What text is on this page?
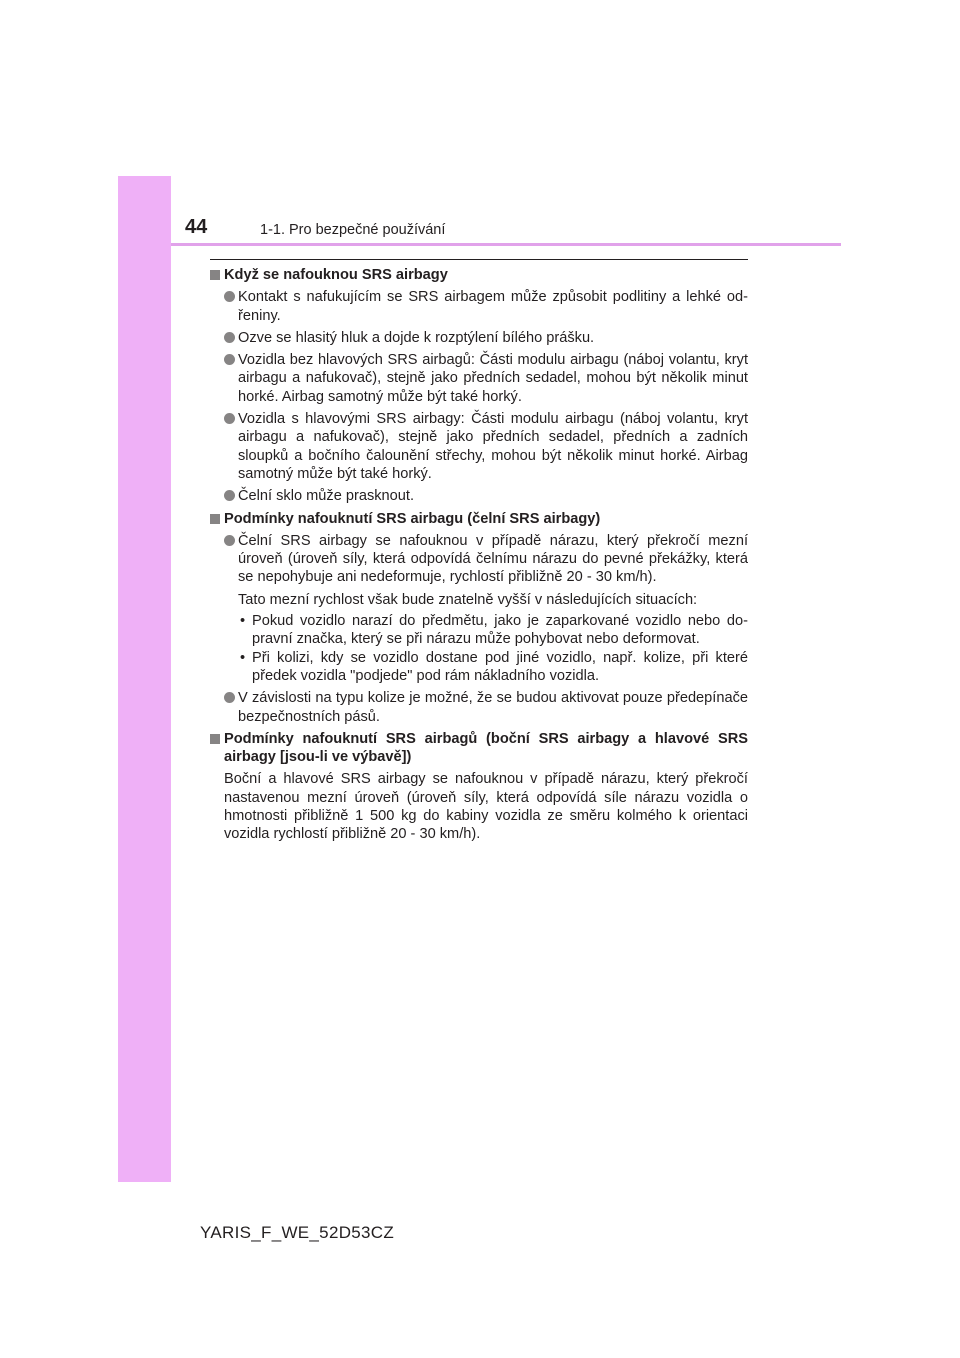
44	1-1. Pro bezpečné používání
Když se nafouknou SRS airbagy
Kontakt s nafukujícím se SRS airbagem může způsobit podlitiny a lehké odřeniny.
Ozve se hlasitý hluk a dojde k rozptýlení bílého prášku.
Vozidla bez hlavových SRS airbagů: Části modulu airbagu (náboj volantu, kryt airbagu a nafukovač), stejně jako předních sedadel, mohou být několik minut horké. Airbag samotný může být také horký.
Vozidla s hlavovými SRS airbagy: Části modulu airbagu (náboj volantu, kryt airbagu a nafukovač), stejně jako předních sedadel, předních a zadních sloupků a bočního čalounění střechy, mohou být několik minut horké. Airbag samotný může být také horký.
Čelní sklo může prasknout.
Podmínky nafouknutí SRS airbagu (čelní SRS airbagy)
Čelní SRS airbagy se nafouknou v případě nárazu, který překročí mezní úroveň (úroveň síly, která odpovídá čelnímu nárazu do pevné překážky, která se nepohybuje ani nedeformuje, rychlostí přibližně 20 - 30 km/h).
Tato mezní rychlost však bude znatelně vyšší v následujících situacích:
• Pokud vozidlo narazí do předmětu, jako je zaparkované vozidlo nebo dopravní značka, který se při nárazu může pohybovat nebo deformovat.
• Při kolizi, kdy se vozidlo dostane pod jiné vozidlo, např. kolize, při které předek vozidla "podjede" pod rám nákladního vozidla.
V závislosti na typu kolize je možné, že se budou aktivovat pouze předepínače bezpečnostních pásů.
Podmínky nafouknutí SRS airbagů (boční SRS airbagy a hlavové SRS airbagy [jsou-li ve výbavě])
Boční a hlavové SRS airbagy se nafouknou v případě nárazu, který překročí nastavenou mezní úroveň (úroveň síly, která odpovídá síle nárazu vozidla o hmotnosti přibližně 1 500 kg do kabiny vozidla ze směru kolmého k orientaci vozidla rychlostí přibližně 20 - 30 km/h).
YARIS_F_WE_52D53CZ
